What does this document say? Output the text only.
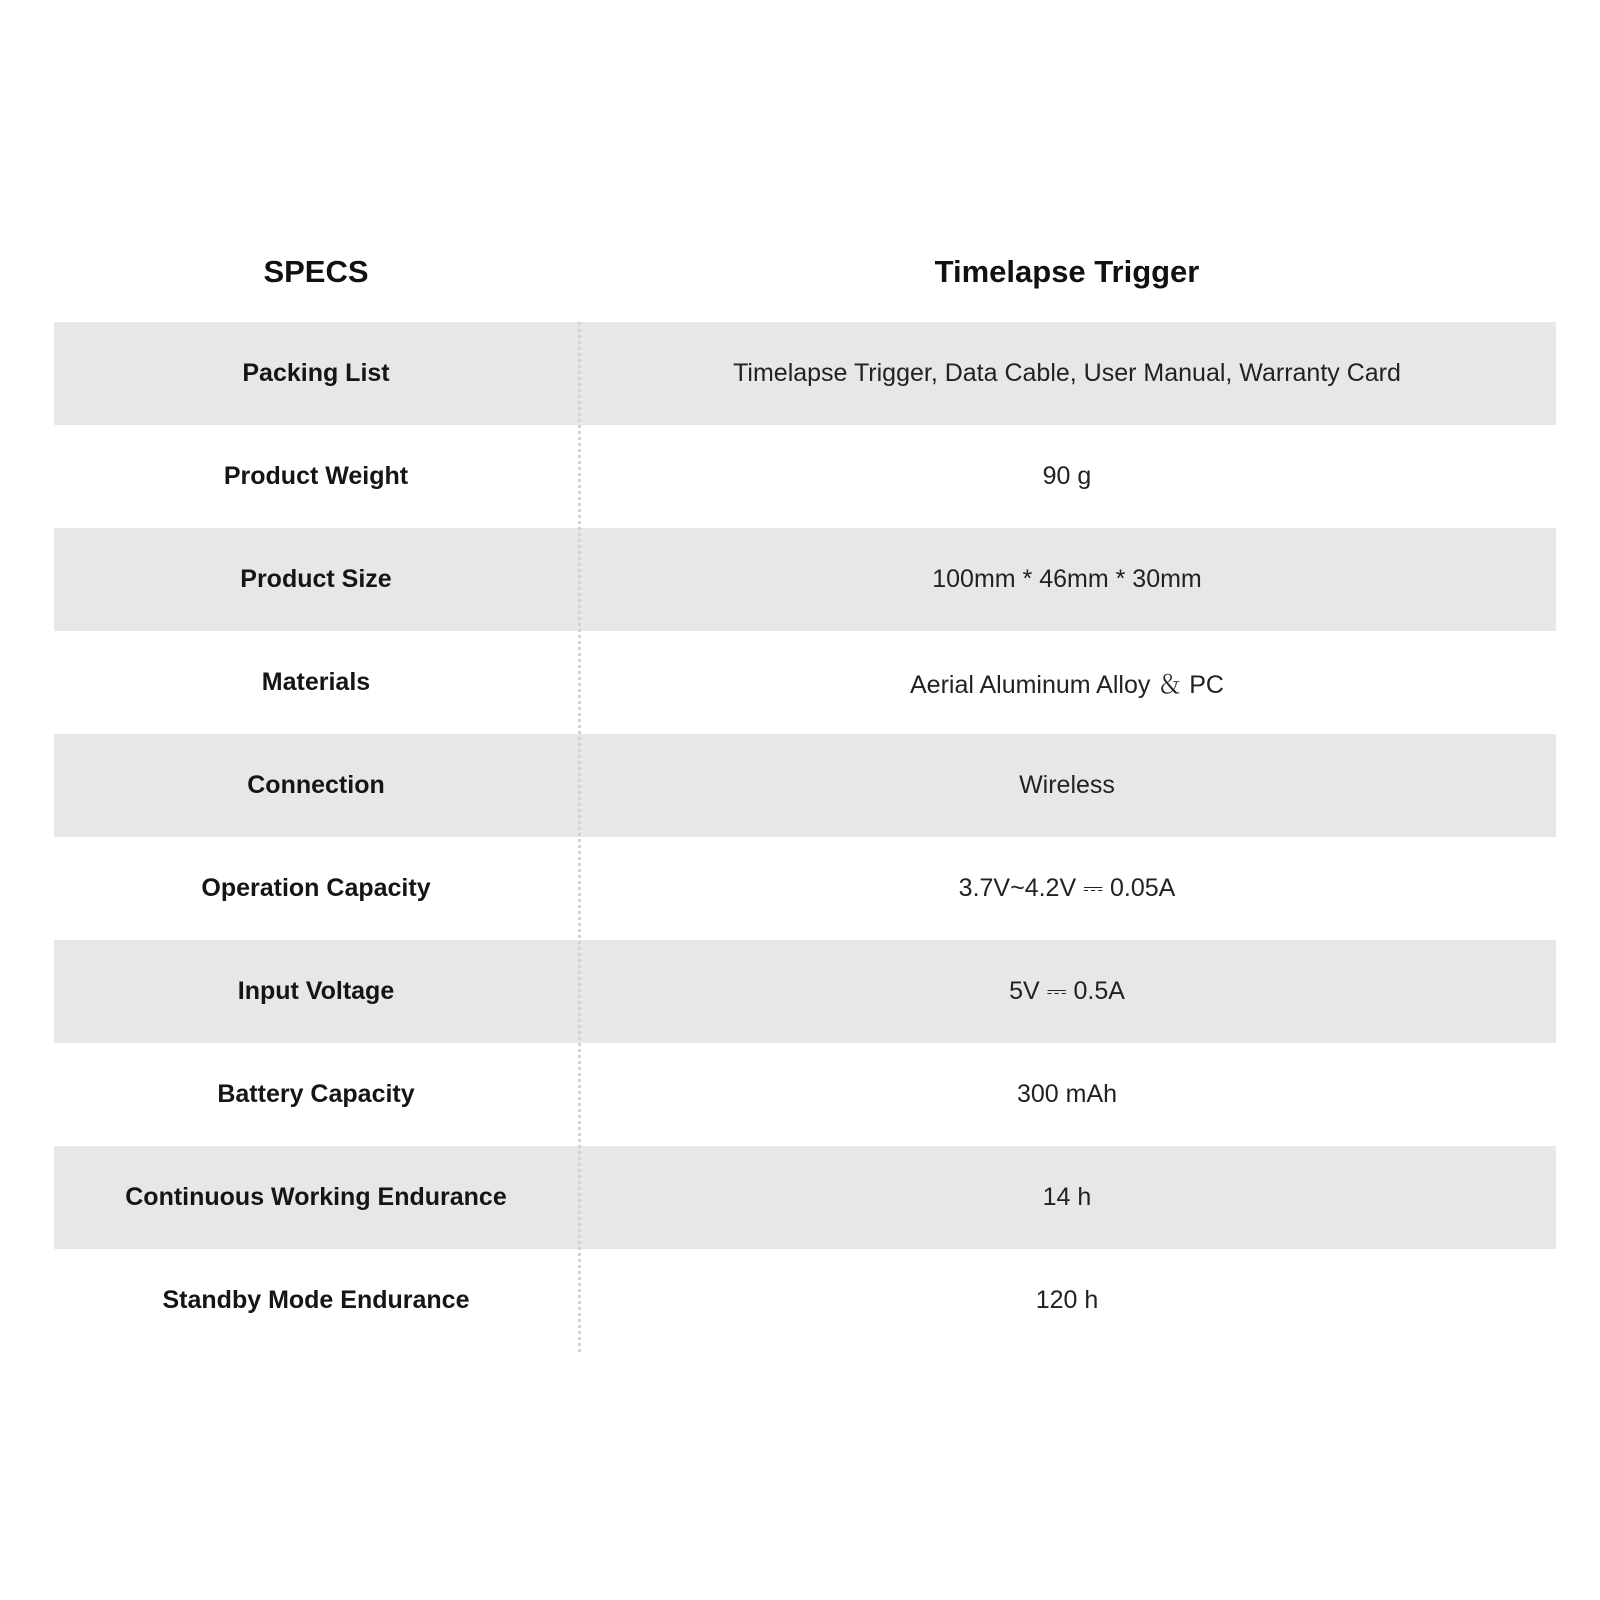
SPECS	Timelapse Trigger
Packing List	Timelapse Trigger, Data Cable, User Manual, Warranty Card
Product Weight	90 g
Product Size	100mm * 46mm * 30mm
Materials	Aerial Aluminum Alloy ＆ PC
Connection	Wireless
Operation Capacity	3.7V~4.2V ⎓ 0.05A
Input Voltage	5V ⎓ 0.5A
Battery Capacity	300 mAh
Continuous Working Endurance	14 h
Standby Mode Endurance	120 h
